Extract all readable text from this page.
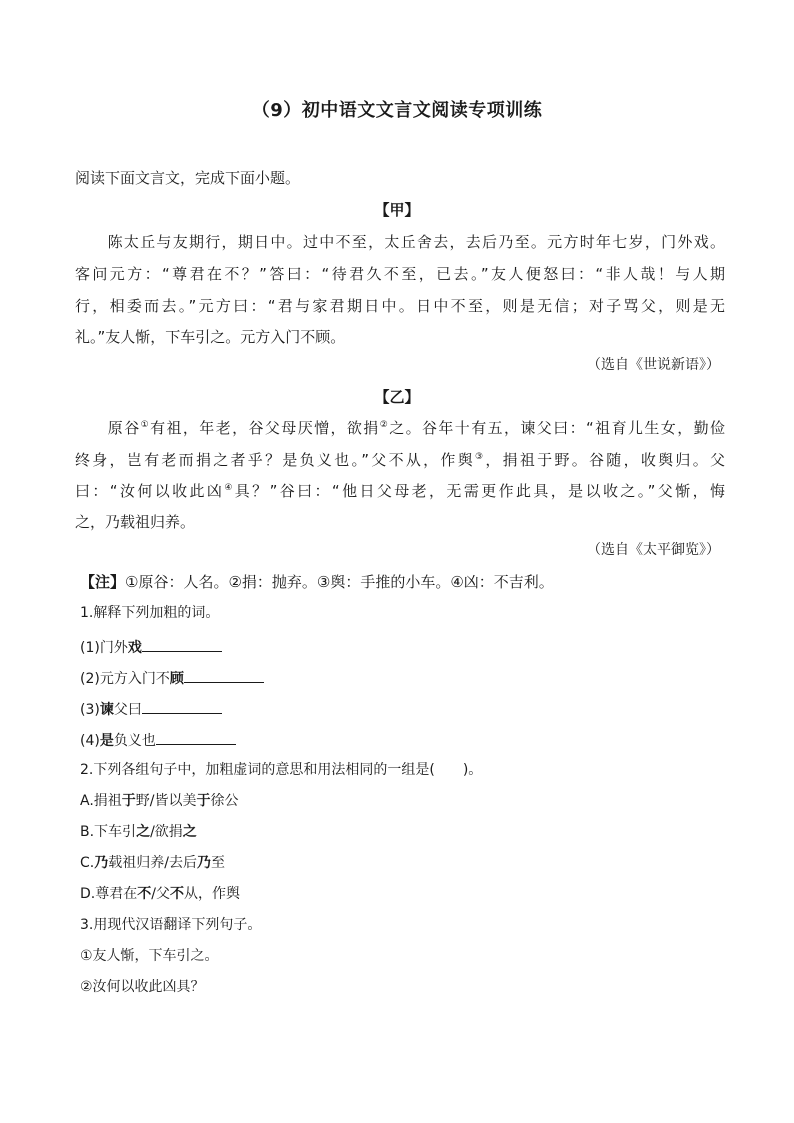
（9）初中语文文言文阅读专项训练
阅读下面文言文，完成下面小题。
【甲】
　　陈太丘与友期行，期日中。过中不至，太丘舍去，去后乃至。元方时年七岁，门外戏。
客问元方：“尊君在不？”答曰：“待君久不至，已去。”友人便怒曰：“非人哉！与人期
行，相委而去。”元方曰：“君与家君期日中。日中不至，则是无信；对子骂父，则是无
礼。”友人惭，下车引之。元方入门不顾。
（选自《世说新语》）
【乙】
　　原谷①有祖，年老，谷父母厌憎，欲捐②之。谷年十有五，谏父曰：“祖育儿生女，勤俭
终身，岂有老而捐之者乎？是负义也。”父不从，作舆③，捐祖于野。谷随，收舆归。父
曰：“汝何以收此凶④具？”谷曰：“他日父母老，无需更作此具，是以收之。”父惭，悔
之，乃载祖归养。
（选自《太平御览》）
【注】①原谷：人名。②捐：抛弃。③舆：手推的小车。④凶：不吉利。
1.解释下列加粗的词。
(1)门外戏
(2)元方入门不顾
(3)谏父曰
(4)是负义也
2.下列各组句子中，加粗虚词的意思和用法相同的一组是(　　)。
A.捐祖于野/皆以美于徐公
B.下车引之/欲捐之
C.乃载祖归养/去后乃至
D.尊君在不/父不从，作舆
3.用现代汉语翻译下列句子。
①友人惭，下车引之。
②汝何以收此凶具？
